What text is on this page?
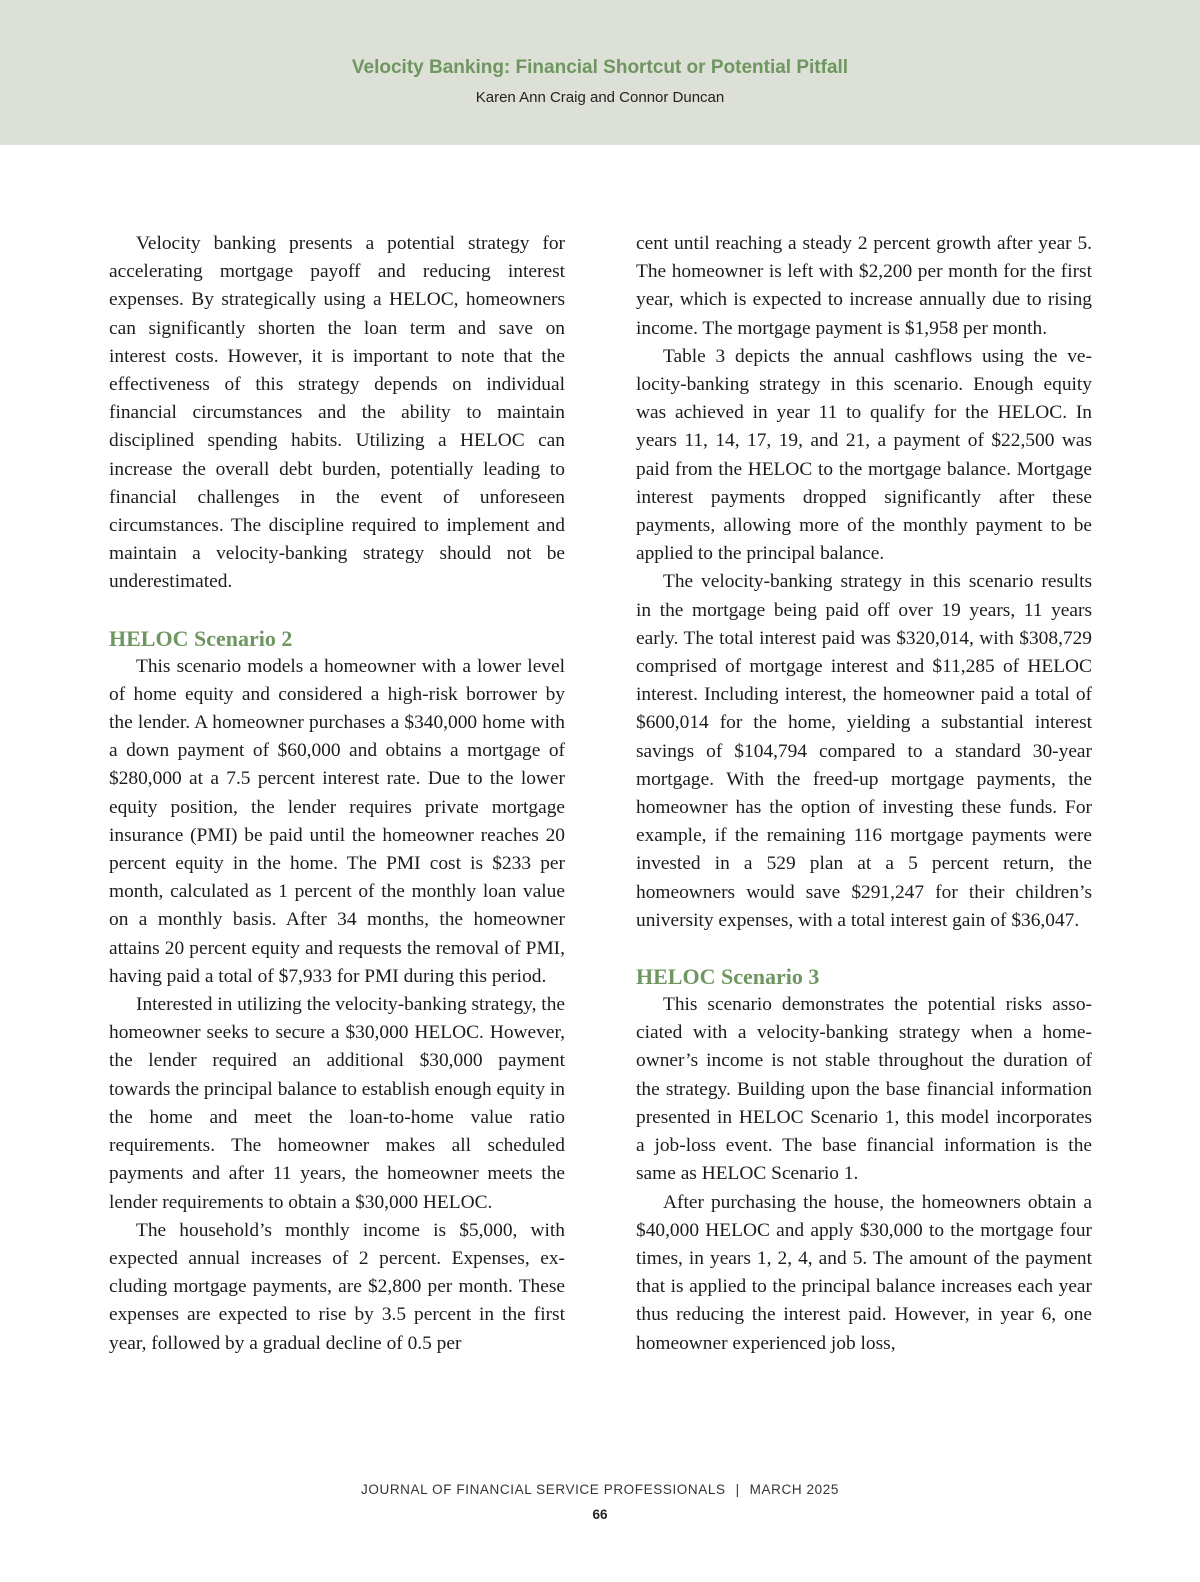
Velocity Banking: Financial Shortcut or Potential Pitfall
Karen Ann Craig and Connor Duncan

Velocity banking presents a potential strategy for accelerating mortgage payoff and reducing interest expenses. By strategically using a HELOC, homeowners can significantly shorten the loan term and save on interest costs. However, it is important to note that the effectiveness of this strategy depends on individual financial circumstances and the ability to maintain disciplined spending habits. Utilizing a HELOC can increase the overall debt burden, potentially leading to financial challenges in the event of unforeseen circumstances. The discipline required to implement and maintain a velocity-banking strategy should not be underestimated.

HELOC Scenario 2

This scenario models a homeowner with a lower level of home equity and considered a high-risk borrower by the lender. A homeowner purchases a $340,000 home with a down payment of $60,000 and obtains a mortgage of $280,000 at a 7.5 percent interest rate. Due to the lower equity position, the lender requires private mortgage insurance (PMI) be paid until the homeowner reaches 20 percent equity in the home. The PMI cost is $233 per month, calculated as 1 percent of the monthly loan value on a monthly basis. After 34 months, the homeowner attains 20 percent equity and requests the removal of PMI, having paid a total of $7,933 for PMI during this period.

Interested in utilizing the velocity-banking strategy, the homeowner seeks to secure a $30,000 HELOC. However, the lender required an additional $30,000 payment towards the principal balance to establish enough equity in the home and meet the loan-to-home value ratio requirements. The homeowner makes all scheduled payments and after 11 years, the homeowner meets the lender requirements to obtain a $30,000 HELOC.

The household’s monthly income is $5,000, with expected annual increases of 2 percent. Expenses, excluding mortgage payments, are $2,800 per month. These expenses are expected to rise by 3.5 percent in the first year, followed by a gradual decline of 0.5 per

cent until reaching a steady 2 percent growth after year 5. The homeowner is left with $2,200 per month for the first year, which is expected to increase annually due to rising income. The mortgage payment is $1,958 per month.

Table 3 depicts the annual cashflows using the velocity-banking strategy in this scenario. Enough equity was achieved in year 11 to qualify for the HELOC. In years 11, 14, 17, 19, and 21, a payment of $22,500 was paid from the HELOC to the mortgage balance. Mortgage interest payments dropped significantly after these payments, allowing more of the monthly payment to be applied to the principal balance.

The velocity-banking strategy in this scenario results in the mortgage being paid off over 19 years, 11 years early. The total interest paid was $320,014, with $308,729 comprised of mortgage interest and $11,285 of HELOC interest. Including interest, the homeowner paid a total of $600,014 for the home, yielding a substantial interest savings of $104,794 compared to a standard 30-year mortgage. With the freed-up mortgage payments, the homeowner has the option of investing these funds. For example, if the remaining 116 mortgage payments were invested in a 529 plan at a 5 percent return, the homeowners would save $291,247 for their children’s university expenses, with a total interest gain of $36,047.

HELOC Scenario 3

This scenario demonstrates the potential risks associated with a velocity-banking strategy when a homeowner’s income is not stable throughout the duration of the strategy. Building upon the base financial information presented in HELOC Scenario 1, this model incorporates a job-loss event. The base financial information is the same as HELOC Scenario 1.

After purchasing the house, the homeowners obtain a $40,000 HELOC and apply $30,000 to the mortgage four times, in years 1, 2, 4, and 5. The amount of the payment that is applied to the principal balance increases each year thus reducing the interest paid. However, in year 6, one homeowner experienced job loss,

JOURNAL OF FINANCIAL SERVICE PROFESSIONALS | MARCH 2025
66
